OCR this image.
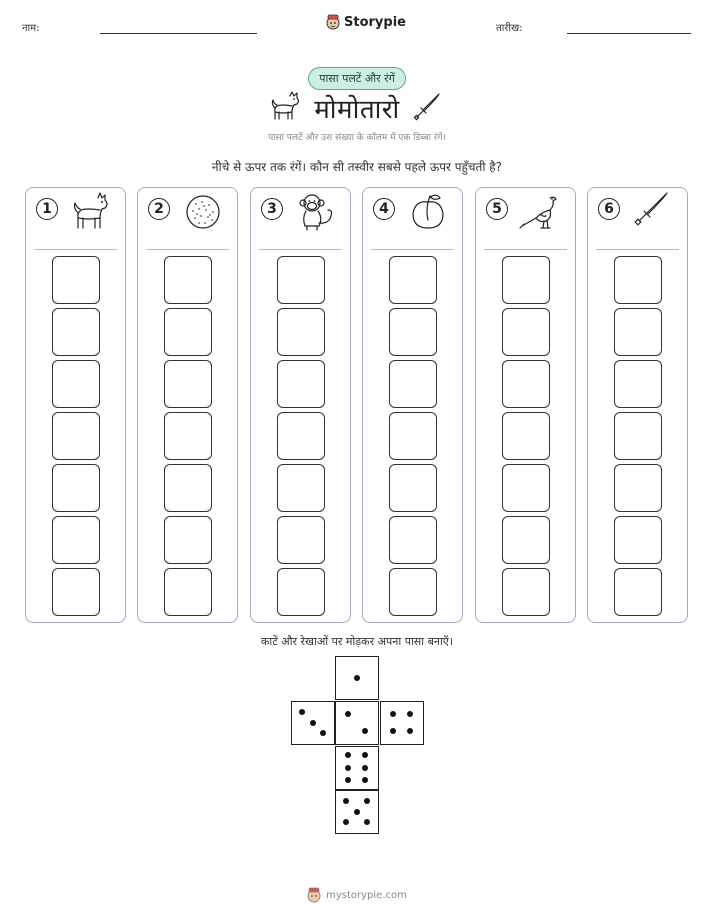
नाम:	Storypie	तारीख:
पासा पलटें और रंगें
मोमोतारो
पासा पलटें और उस संख्या के कॉलम में एक डिब्बा रंगें।
नीचे से ऊपर तक रंगें। कौन सी तस्वीर सबसे पहले ऊपर पहुँचती है?
1	2	3	4	5	6
काटें और रेखाओं पर मोड़कर अपना पासा बनाएँ।
mystorypie.com
